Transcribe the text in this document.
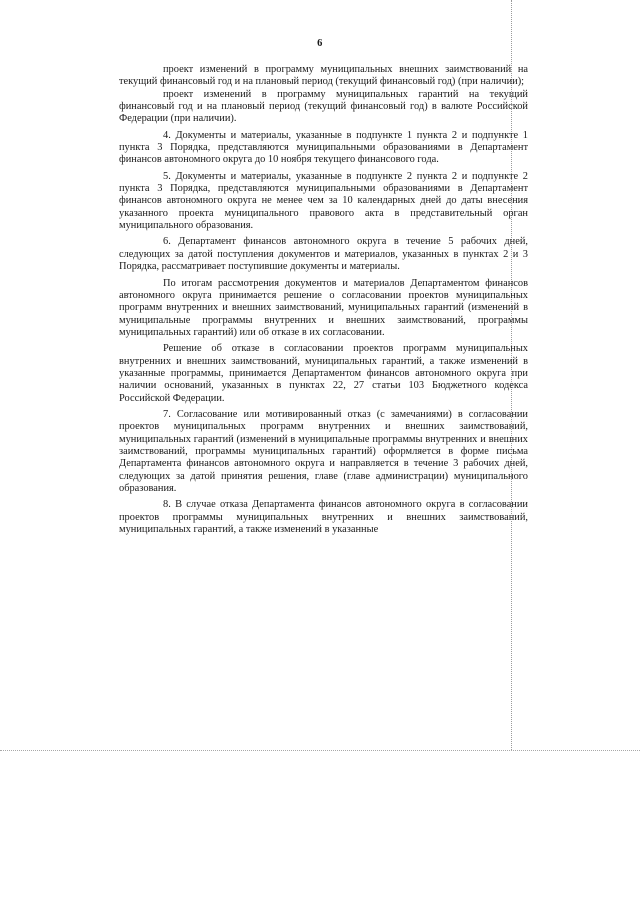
6

проект изменений в программу муниципальных внешних заимствований на текущий финансовый год и на плановый период (текущий финансовый год) (при наличии);

проект изменений в программу муниципальных гарантий на текущий финансовый год и на плановый период (текущий финансовый год) в валюте Российской Федерации (при наличии).

4. Документы и материалы, указанные в подпункте 1 пункта 2 и подпункте 1 пункта 3 Порядка, представляются муниципальными образованиями в Департамент финансов автономного округа до 10 ноября текущего финансового года.

5. Документы и материалы, указанные в подпункте 2 пункта 2 и подпункте 2 пункта 3 Порядка, представляются муниципальными образованиями в Департамент финансов автономного округа не менее чем за 10 календарных дней до даты внесения указанного проекта муниципального правового акта в представительный орган муниципального образования.

6. Департамент финансов автономного округа в течение 5 рабочих дней, следующих за датой поступления документов и материалов, указанных в пунктах 2 и 3 Порядка, рассматривает поступившие документы и материалы.

По итогам рассмотрения документов и материалов Департаментом финансов автономного округа принимается решение о согласовании проектов муниципальных программ внутренних и внешних заимствований, муниципальных гарантий (изменений в муниципальные программы внутренних и внешних заимствований, программы муниципальных гарантий) или об отказе в их согласовании.

Решение об отказе в согласовании проектов программ муниципальных внутренних и внешних заимствований, муниципальных гарантий, а также изменений в указанные программы, принимается Департаментом финансов автономного округа при наличии оснований, указанных в пунктах 22, 27 статьи 103 Бюджетного кодекса Российской Федерации.

7. Согласование или мотивированный отказ (с замечаниями) в согласовании проектов муниципальных программ внутренних и внешних заимствований, муниципальных гарантий (изменений в муниципальные программы внутренних и внешних заимствований, программы муниципальных гарантий) оформляется в форме письма Департамента финансов автономного округа и направляется в течение 3 рабочих дней, следующих за датой принятия решения, главе (главе администрации) муниципального образования.

8. В случае отказа Департамента финансов автономного округа в согласовании проектов программы муниципальных внутренних и внешних заимствований, муниципальных гарантий, а также изменений в указанные
